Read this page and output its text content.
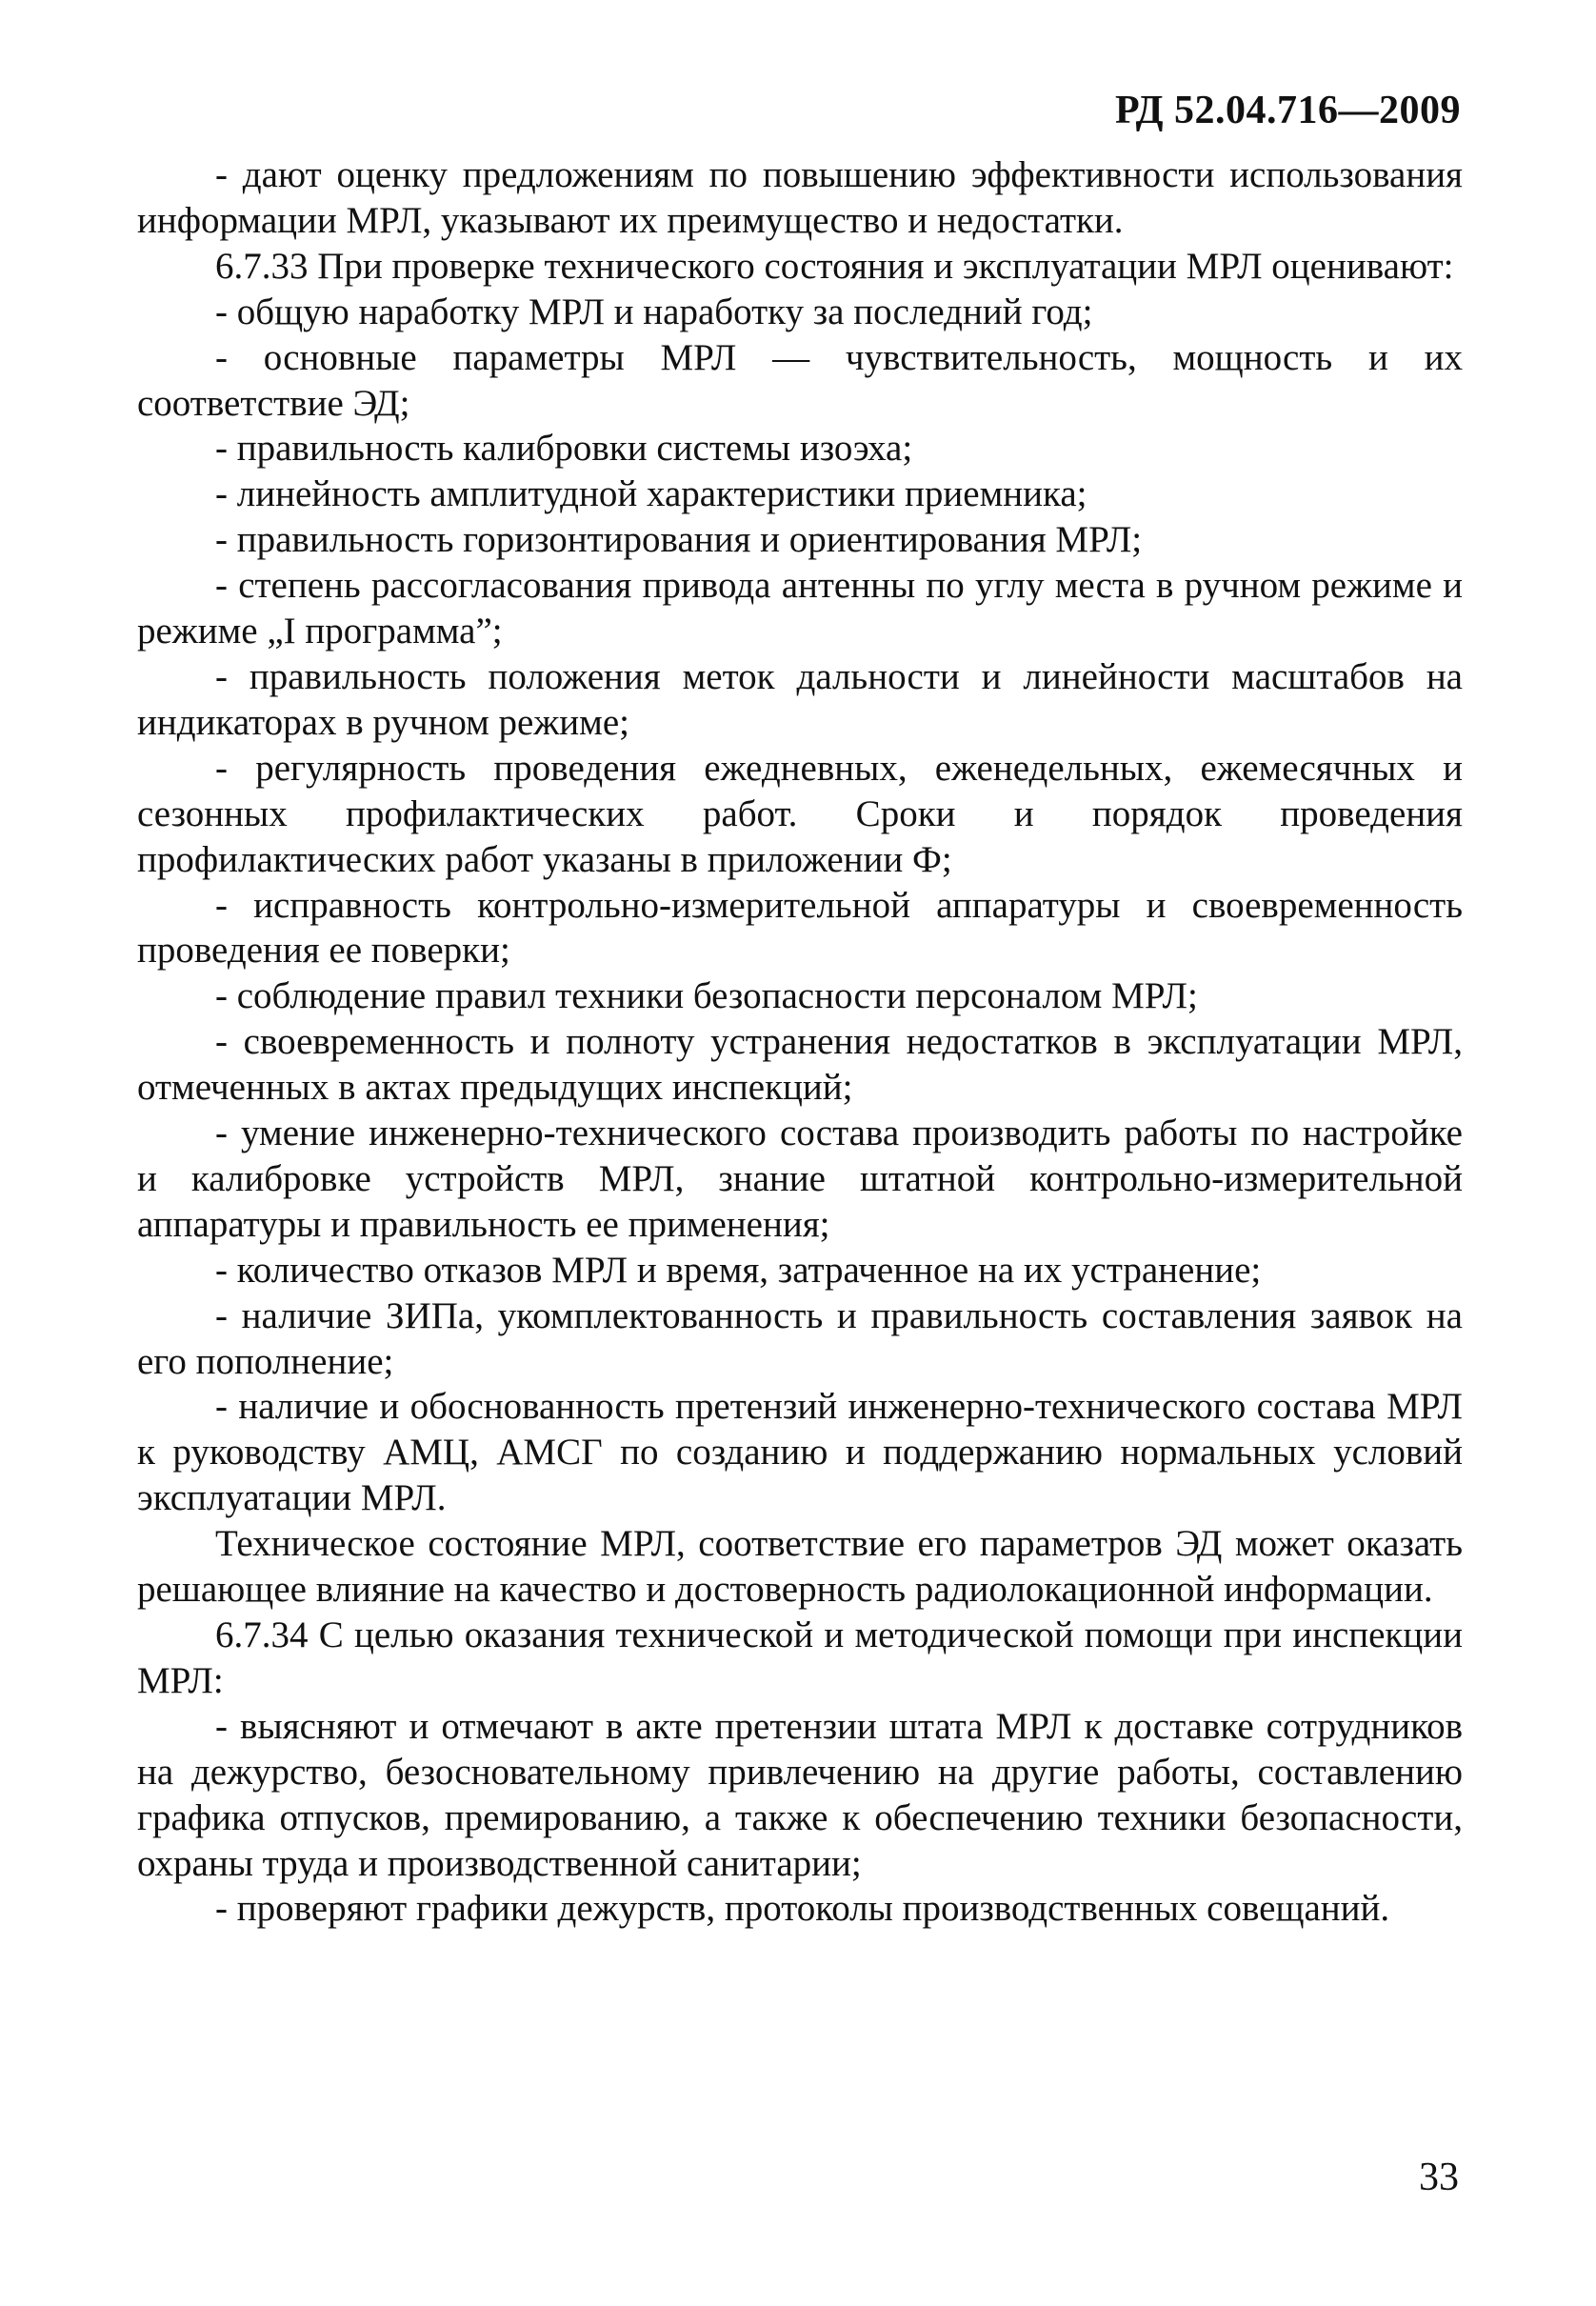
РД 52.04.716—2009

- дают оценку предложениям по повышению эффективности использования информации МРЛ, указывают их преимущество и недостатки.

6.7.33 При проверке технического состояния и эксплуатации МРЛ оценивают:

- общую наработку МРЛ и наработку за последний год;

- основные параметры МРЛ — чувствительность, мощность и их соответствие ЭД;

- правильность калибровки системы изоэха;

- линейность амплитудной характеристики приемника;

- правильность горизонтирования и ориентирования МРЛ;

- степень рассогласования привода антенны по углу места в ручном режиме и режиме „I программа”;

- правильность положения меток дальности и линейности масштабов на индикаторах в ручном режиме;

- регулярность проведения ежедневных, еженедельных, ежемесячных и сезонных профилактических работ. Сроки и порядок проведения профилактических работ указаны в приложении Ф;

- исправность контрольно-измерительной аппаратуры и своевременность проведения ее поверки;

- соблюдение правил техники безопасности персоналом МРЛ;

- своевременность и полноту устранения недостатков в эксплуатации МРЛ, отмеченных в актах предыдущих инспекций;

- умение инженерно-технического состава производить работы по настройке и калибровке устройств МРЛ, знание штатной контрольно-измерительной аппаратуры и правильность ее применения;

- количество отказов МРЛ и время, затраченное на их устранение;

- наличие ЗИПа, укомплектованность и правильность составления заявок на его пополнение;

- наличие и обоснованность претензий инженерно-технического состава МРЛ к руководству АМЦ, АМСГ по созданию и поддержанию нормальных условий эксплуатации МРЛ.

Техническое состояние МРЛ, соответствие его параметров ЭД может оказать решающее влияние на качество и достоверность радиолокационной информации.

6.7.34 С целью оказания технической и методической помощи при инспекции МРЛ:

- выясняют и отмечают в акте претензии штата МРЛ к доставке сотрудников на дежурство, безосновательному привлечению на другие работы, составлению графика отпусков, премированию, а также к обеспечению техники безопасности, охраны труда и производственной санитарии;

- проверяют графики дежурств, протоколы производственных совещаний.

33
